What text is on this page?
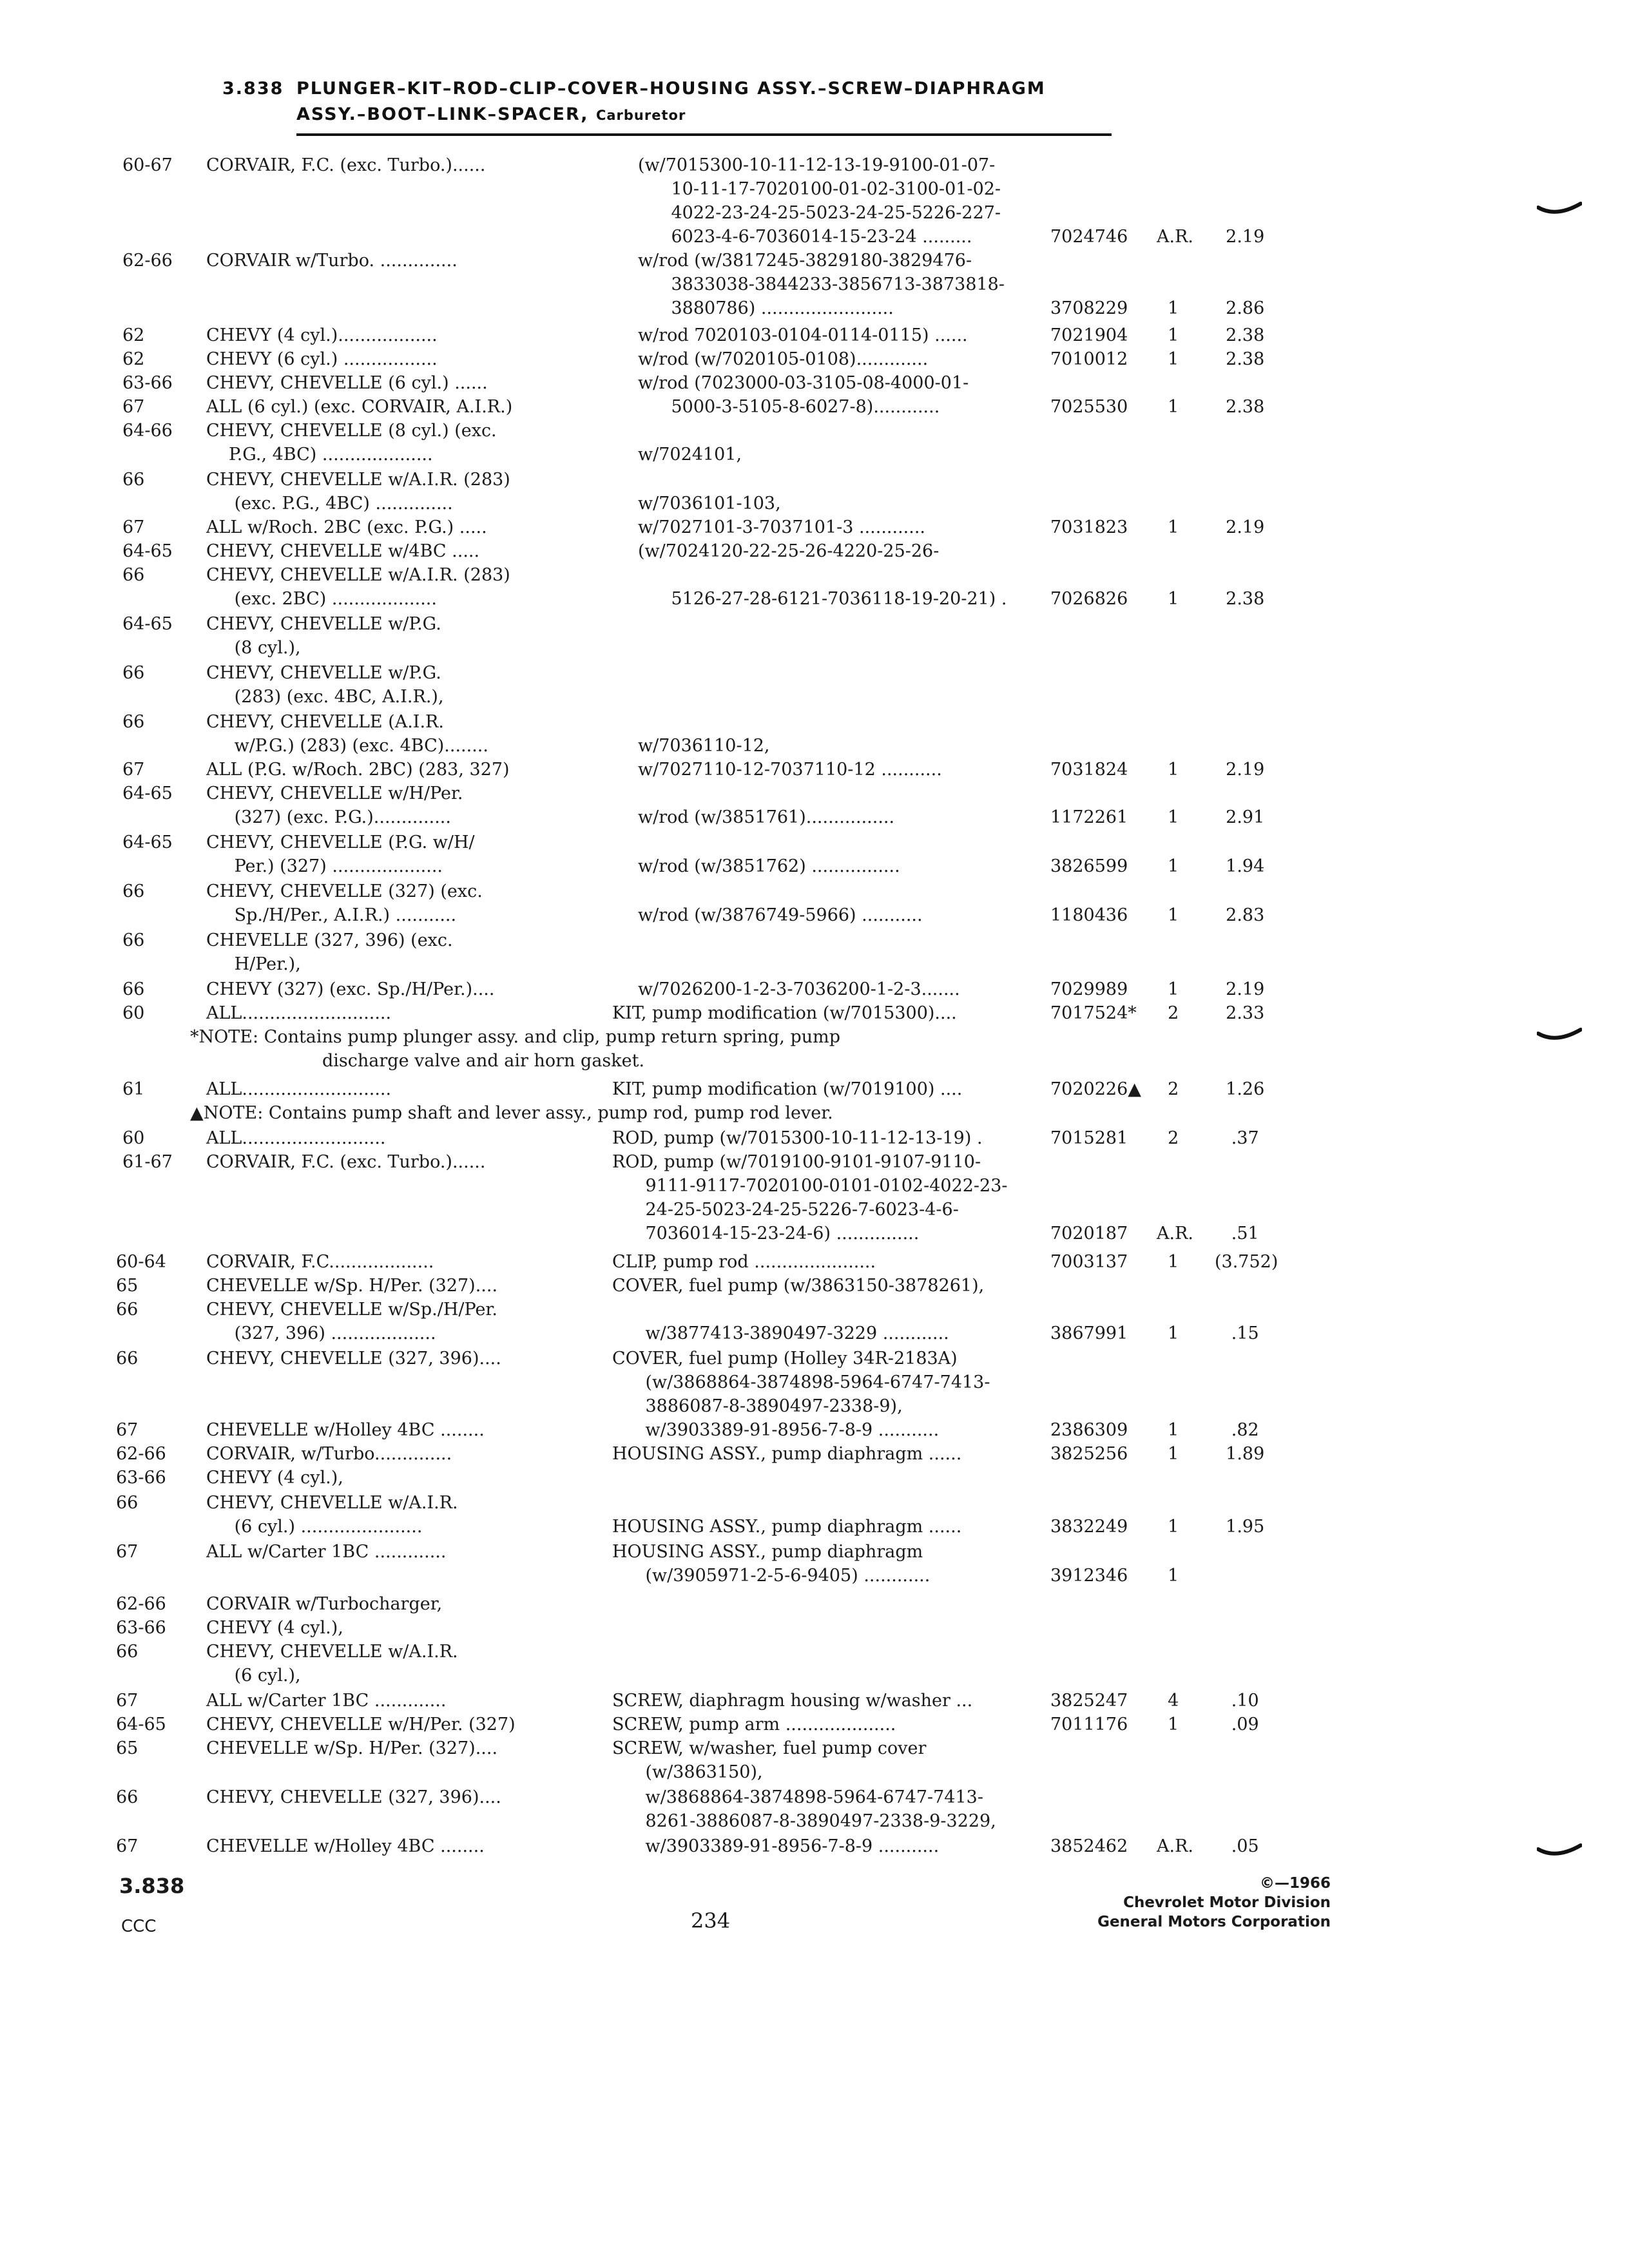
3.838 PLUNGER–KIT–ROD–CLIP–COVER–HOUSING ASSY.–SCREW–DIAPHRAGM
ASSY.–BOOT–LINK–SPACER, Carburetor
60-67 CORVAIR, F.C. (exc. Turbo.)......	(w/7015300-10-11-12-13-19-9100-01-07-
10-11-17-7020100-01-02-3100-01-02-
4022-23-24-25-5023-24-25-5226-227-
6023-4-6-7036014-15-23-24 .........	7024746 A.R. 2.19
62-66 CORVAIR w/Turbo. ..............	w/rod (w/3817245-3829180-3829476-
3833038-3844233-3856713-3873818-
3880786) ........................	3708229 1 2.86
62	CHEVY (4 cyl.)..................	w/rod 7020103-0104-0114-0115) ......	7021904 1 2.38
62	CHEVY (6 cyl.) .................	w/rod (w/7020105-0108).............	7010012 1 2.38
63-66 CHEVY, CHEVELLE (6 cyl.) ......	w/rod (7023000-03-3105-08-4000-01-
67	ALL (6 cyl.) (exc. CORVAIR, A.I.R.)	5000-3-5105-8-6027-8)............	7025530 1 2.38
64-66 CHEVY, CHEVELLE (8 cyl.) (exc.
P.G., 4BC) ....................	w/7024101,
66	CHEVY, CHEVELLE w/A.I.R. (283)
(exc. P.G., 4BC) ..............	w/7036101-103,
67	ALL w/Roch. 2BC (exc. P.G.) .....	w/7027101-3-7037101-3 ............	7031823 1 2.19
64-65 CHEVY, CHEVELLE w/4BC .....	(w/7024120-22-25-26-4220-25-26-
66	CHEVY, CHEVELLE w/A.I.R. (283)
(exc. 2BC) ...................	5126-27-28-6121-7036118-19-20-21) . 7026826 1 2.38
64-65 CHEVY, CHEVELLE w/P.G.
(8 cyl.),
66	CHEVY, CHEVELLE w/P.G.
(283) (exc. 4BC, A.I.R.),
66	CHEVY, CHEVELLE (A.I.R.
w/P.G.) (283) (exc. 4BC)........	w/7036110-12,
67	ALL (P.G. w/Roch. 2BC) (283, 327)	w/7027110-12-7037110-12 ...........	7031824 1 2.19
64-65 CHEVY, CHEVELLE w/H/Per.
(327) (exc. P.G.)..............	w/rod (w/3851761)................	1172261 1 2.91
64-65 CHEVY, CHEVELLE (P.G. w/H/
Per.) (327) ....................	w/rod (w/3851762) ................	3826599 1 1.94
66	CHEVY, CHEVELLE (327) (exc.
Sp./H/Per., A.I.R.) ...........	w/rod (w/3876749-5966) ...........	1180436 1 2.83
66	CHEVELLE (327, 396) (exc.
H/Per.),
66	CHEVY (327) (exc. Sp./H/Per.)....	w/7026200-1-2-3-7036200-1-2-3.......	7029989 1 2.19
60	ALL...........................	KIT, pump modification (w/7015300)....	7017524* 2 2.33
*NOTE: Contains pump plunger assy. and clip, pump return spring, pump
discharge valve and air horn gasket.
61	ALL...........................	KIT, pump modification (w/7019100) ....	7020226▲ 2 1.26
▲NOTE: Contains pump shaft and lever assy., pump rod, pump rod lever.
60	ALL..........................	ROD, pump (w/7015300-10-11-12-13-19) .	7015281 2 .37
61-67 CORVAIR, F.C. (exc. Turbo.)......	ROD, pump (w/7019100-9101-9107-9110-
9111-9117-7020100-0101-0102-4022-23-
24-25-5023-24-25-5226-7-6023-4-6-
7036014-15-23-24-6) ...............	7020187 A.R. .51
60-64 CORVAIR, F.C...................	CLIP, pump rod ......................	7003137 1 (3.752)
65	CHEVELLE w/Sp. H/Per. (327)....	COVER, fuel pump (w/3863150-3878261),
66	CHEVY, CHEVELLE w/Sp./H/Per.
(327, 396) ...................	w/3877413-3890497-3229 ............	3867991 1 .15
66	CHEVY, CHEVELLE (327, 396)....	COVER, fuel pump (Holley 34R-2183A)
(w/3868864-3874898-5964-6747-7413-
3886087-8-3890497-2338-9),
67	CHEVELLE w/Holley 4BC ........	w/3903389-91-8956-7-8-9 ...........	2386309 1 .82
62-66 CORVAIR, w/Turbo..............	HOUSING ASSY., pump diaphragm ......	3825256 1 1.89
63-66 CHEVY (4 cyl.),
66	CHEVY, CHEVELLE w/A.I.R.
(6 cyl.) ......................	HOUSING ASSY., pump diaphragm ......	3832249 1 1.95
67	ALL w/Carter 1BC .............	HOUSING ASSY., pump diaphragm
(w/3905971-2-5-6-9405) ............	3912346 1
62-66 CORVAIR w/Turbocharger,
63-66 CHEVY (4 cyl.),
66	CHEVY, CHEVELLE w/A.I.R.
(6 cyl.),
67	ALL w/Carter 1BC .............	SCREW, diaphragm housing w/washer ...	3825247 4 .10
64-65 CHEVY, CHEVELLE w/H/Per. (327)	SCREW, pump arm ....................	7011176 1 .09
65	CHEVELLE w/Sp. H/Per. (327)....	SCREW, w/washer, fuel pump cover
(w/3863150),
66	CHEVY, CHEVELLE (327, 396)....	w/3868864-3874898-5964-6747-7413-
8261-3886087-8-3890497-2338-9-3229,
67	CHEVELLE w/Holley 4BC ........	w/3903389-91-8956-7-8-9 ...........	3852462 A.R. .05
3.838
CCC	234
©—1966
Chevrolet Motor Division
General Motors Corporation
